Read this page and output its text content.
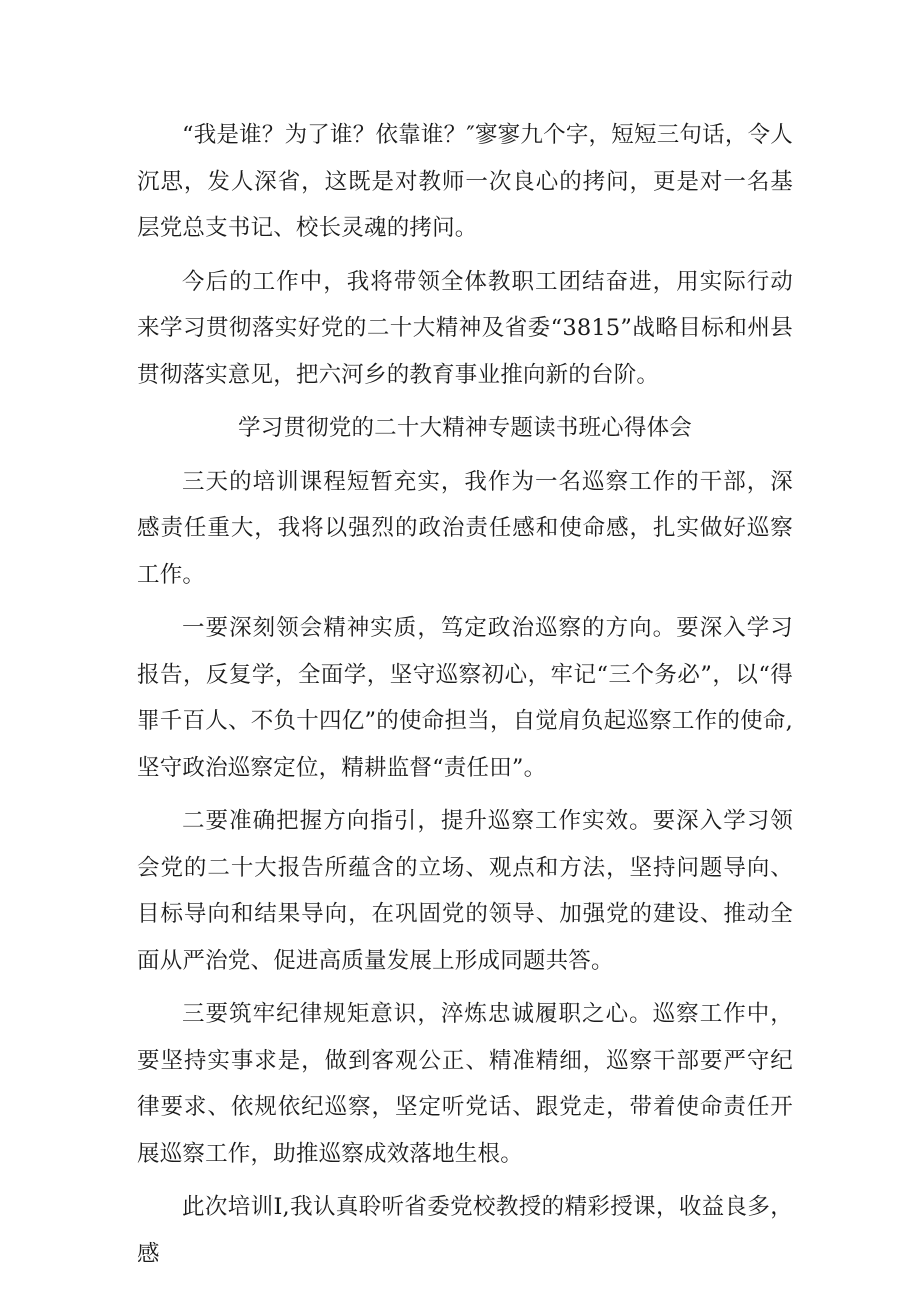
“我是谁？为了谁？依靠谁？″寥寥九个字，短短三句话，令人沉思，发人深省，这既是对教师一次良心的拷问，更是对一名基层党总支书记、校长灵魂的拷问。

今后的工作中，我将带领全体教职工团结奋进，用实际行动来学习贯彻落实好党的二十大精神及省委“3815”战略目标和州县贯彻落实意见，把六河乡的教育事业推向新的台阶。

学习贯彻党的二十大精神专题读书班心得体会

三天的培训课程短暂充实，我作为一名巡察工作的干部，深感责任重大，我将以强烈的政治责任感和使命感，扎实做好巡察工作。

一要深刻领会精神实质，笃定政治巡察的方向。要深入学习报告，反复学，全面学，坚守巡察初心，牢记“三个务必”，以“得罪千百人、不负十四亿”的使命担当，自觉肩负起巡察工作的使命,坚守政治巡察定位，精耕监督“责任田”。

二要准确把握方向指引，提升巡察工作实效。要深入学习领会党的二十大报告所蕴含的立场、观点和方法，坚持问题导向、目标导向和结果导向，在巩固党的领导、加强党的建设、推动全面从严治党、促进高质量发展上形成同题共答。

三要筑牢纪律规矩意识，淬炼忠诚履职之心。巡察工作中，要坚持实事求是，做到客观公正、精准精细，巡察干部要严守纪律要求、依规依纪巡察，坚定听党话、跟党走，带着使命责任开展巡察工作，助推巡察成效落地生根。

此次培训I,我认真聆听省委党校教授的精彩授课，收益良多，感
